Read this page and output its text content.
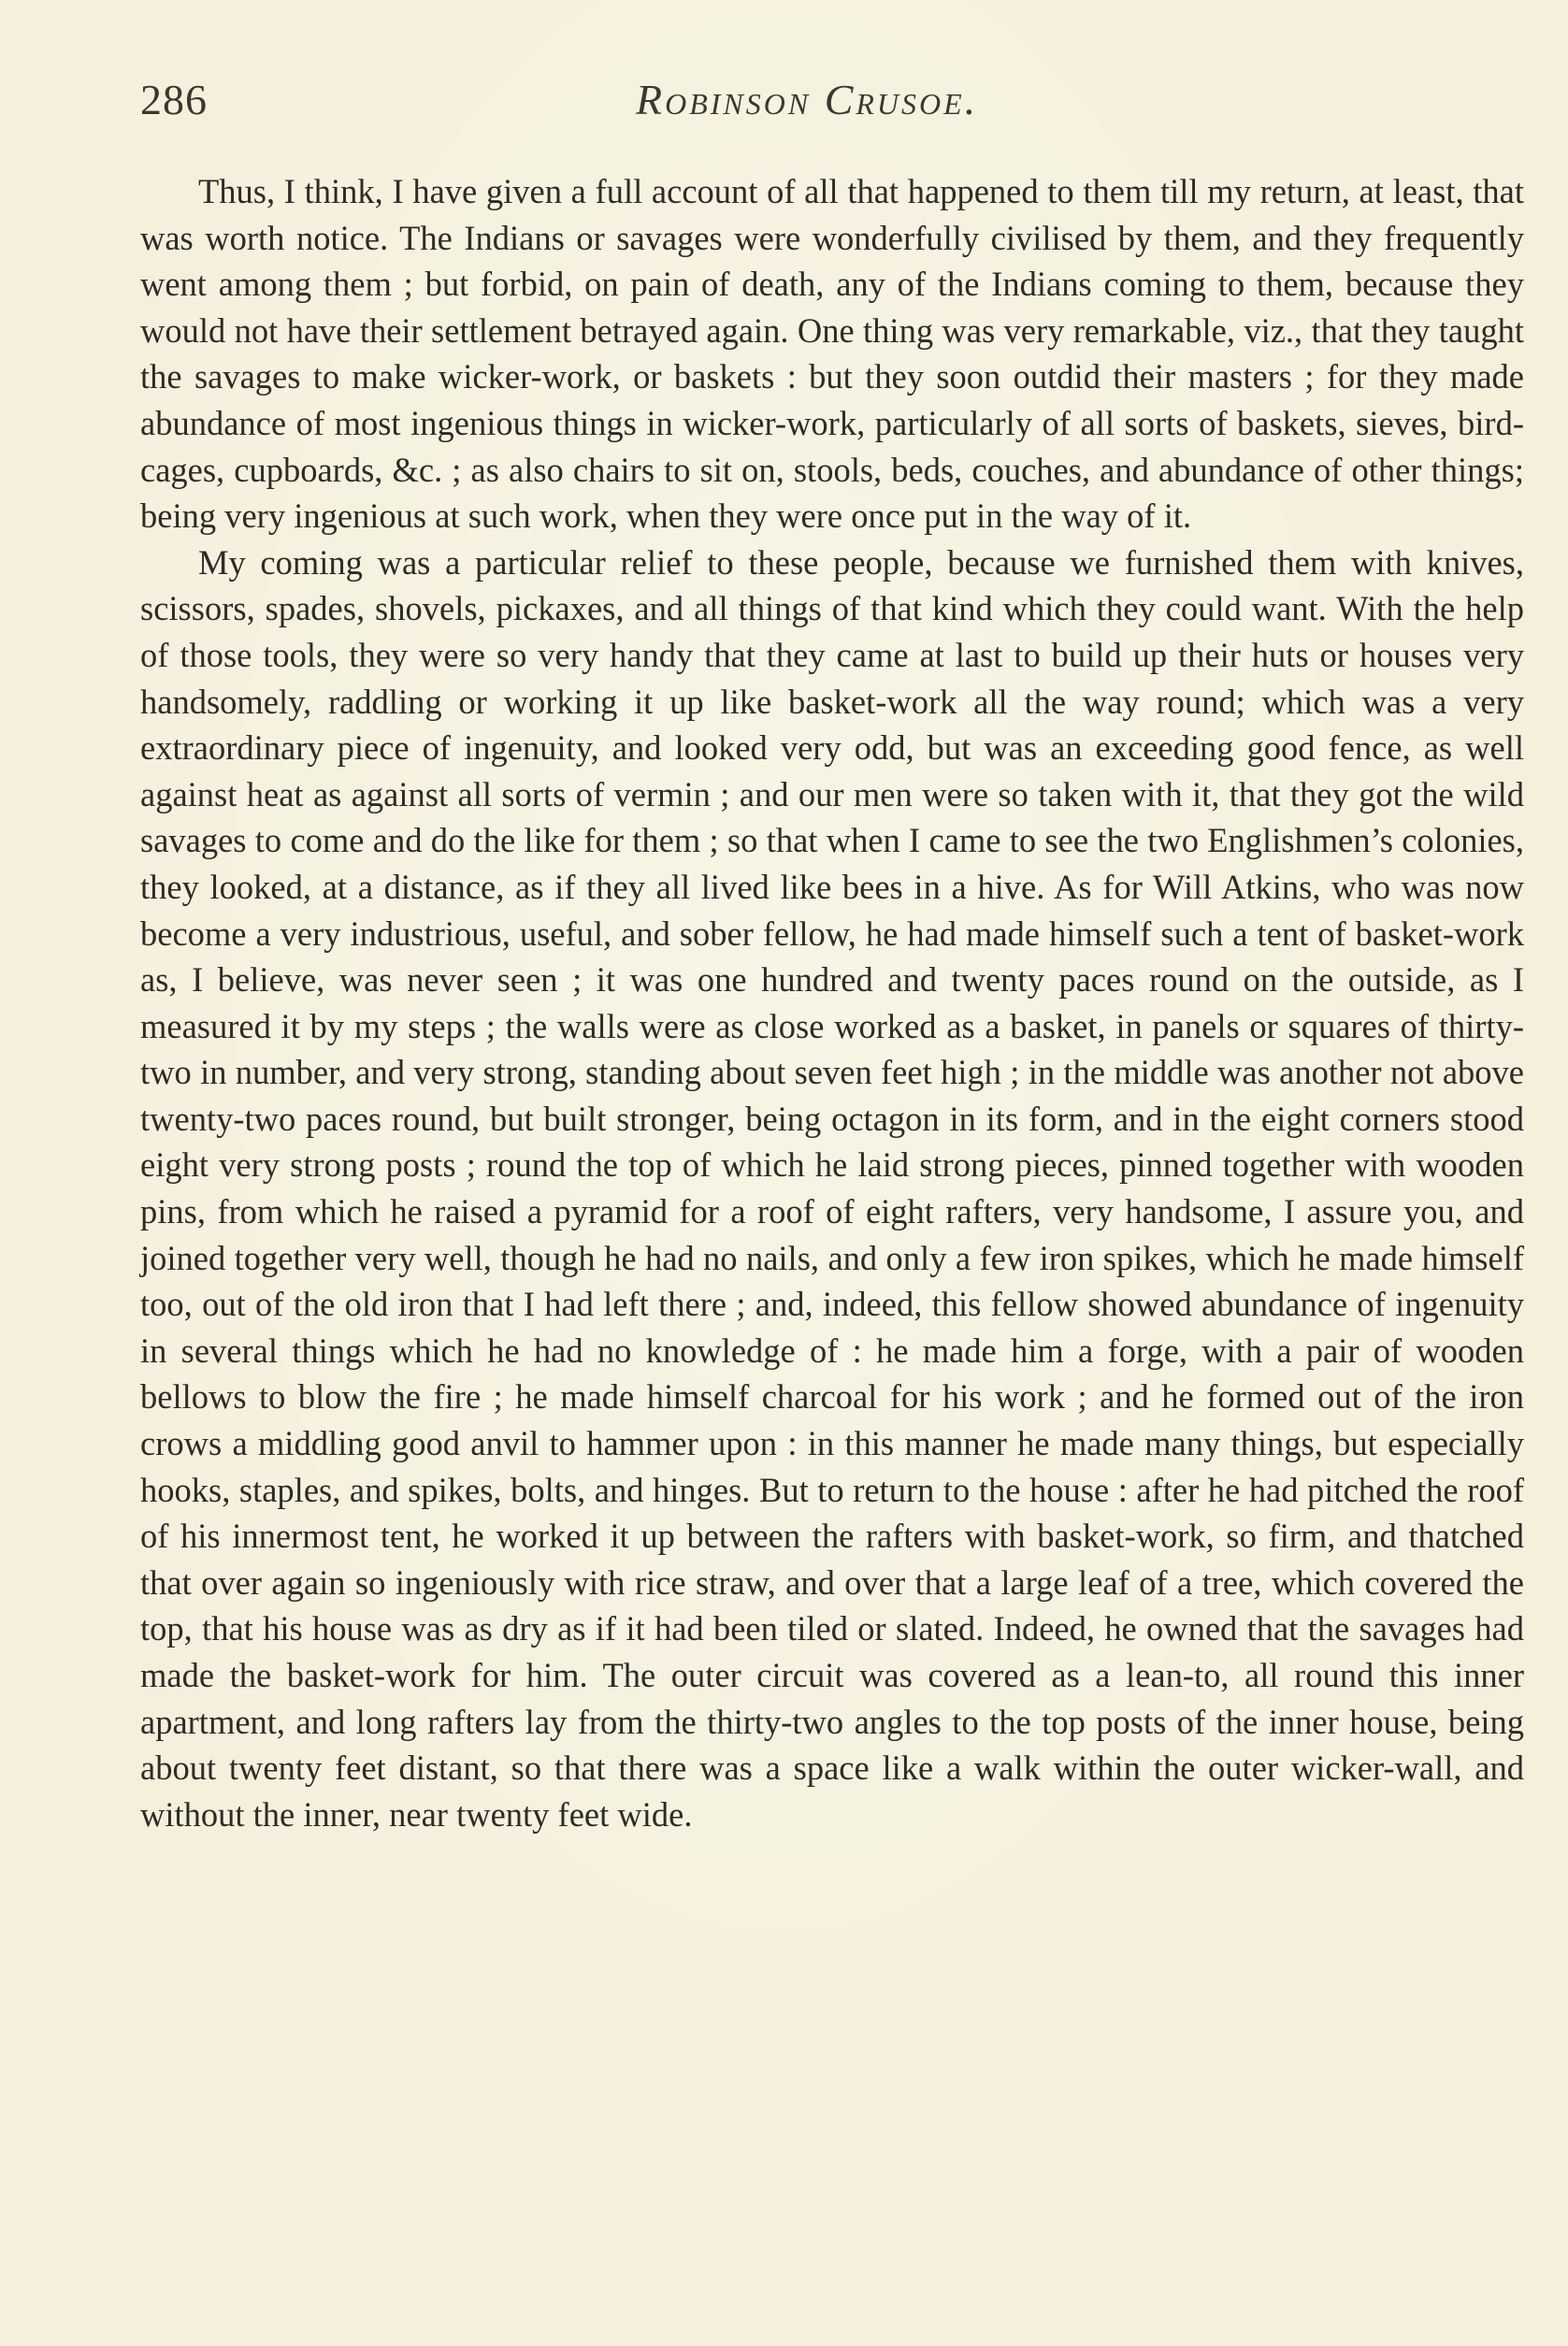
286	Robinson Crusoe.

Thus, I think, I have given a full account of all that happened to them till my return, at least, that was worth notice. The Indians or savages were wonderfully civilised by them, and they frequently went among them ; but forbid, on pain of death, any of the Indians coming to them, because they would not have their settlement betrayed again. One thing was very remarkable, viz., that they taught the savages to make wicker-work, or baskets : but they soon outdid their masters ; for they made abundance of most ingenious things in wicker-work, particularly of all sorts of baskets, sieves, bird-cages, cupboards, &c. ; as also chairs to sit on, stools, beds, couches, and abundance of other things; being very ingenious at such work, when they were once put in the way of it.

My coming was a particular relief to these people, because we furnished them with knives, scissors, spades, shovels, pickaxes, and all things of that kind which they could want. With the help of those tools, they were so very handy that they came at last to build up their huts or houses very handsomely, raddling or working it up like basket-work all the way round; which was a very extraordinary piece of ingenuity, and looked very odd, but was an exceeding good fence, as well against heat as against all sorts of vermin ; and our men were so taken with it, that they got the wild savages to come and do the like for them ; so that when I came to see the two Englishmen’s colonies, they looked, at a distance, as if they all lived like bees in a hive. As for Will Atkins, who was now become a very industrious, useful, and sober fellow, he had made himself such a tent of basket-work as, I believe, was never seen ; it was one hundred and twenty paces round on the outside, as I measured it by my steps ; the walls were as close worked as a basket, in panels or squares of thirty-two in number, and very strong, standing about seven feet high ; in the middle was another not above twenty-two paces round, but built stronger, being octagon in its form, and in the eight corners stood eight very strong posts ; round the top of which he laid strong pieces, pinned together with wooden pins, from which he raised a pyramid for a roof of eight rafters, very handsome, I assure you, and joined together very well, though he had no nails, and only a few iron spikes, which he made himself too, out of the old iron that I had left there ; and, indeed, this fellow showed abundance of ingenuity in several things which he had no knowledge of : he made him a forge, with a pair of wooden bellows to blow the fire ; he made himself charcoal for his work ; and he formed out of the iron crows a middling good anvil to hammer upon : in this manner he made many things, but especially hooks, staples, and spikes, bolts, and hinges. But to return to the house : after he had pitched the roof of his innermost tent, he worked it up between the rafters with basket-work, so firm, and thatched that over again so ingeniously with rice straw, and over that a large leaf of a tree, which covered the top, that his house was as dry as if it had been tiled or slated. Indeed, he owned that the savages had made the basket-work for him. The outer circuit was covered as a lean-to, all round this inner apartment, and long rafters lay from the thirty-two angles to the top posts of the inner house, being about twenty feet distant, so that there was a space like a walk within the outer wicker-wall, and without the inner, near twenty feet wide.
